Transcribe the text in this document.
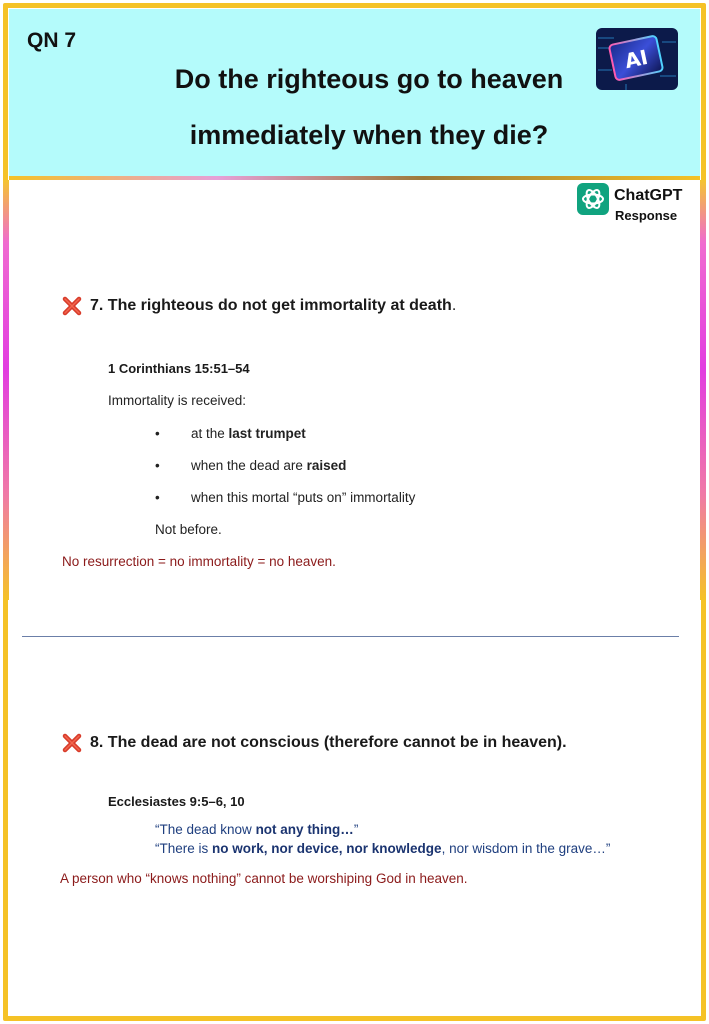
QN 7
Do the righteous go to heaven
immediately when they die?
AI
ChatGPT
Response
7. The righteous do not get immortality at death .
1 Corinthians 15:51–54
Immortality is received:
• at the last trumpet
• when the dead are raised
• when this mortal “puts on” immortality
Not before.
No resurrection = no immortality = no heaven.
8. The dead are not conscious (therefore cannot be in heaven).
Ecclesiastes 9:5–6, 10
“The dead know not any thing…”
“There is no work, nor device, nor knowledge, nor wisdom in the grave…”
A person who “knows nothing” cannot be worshiping God in heaven.
